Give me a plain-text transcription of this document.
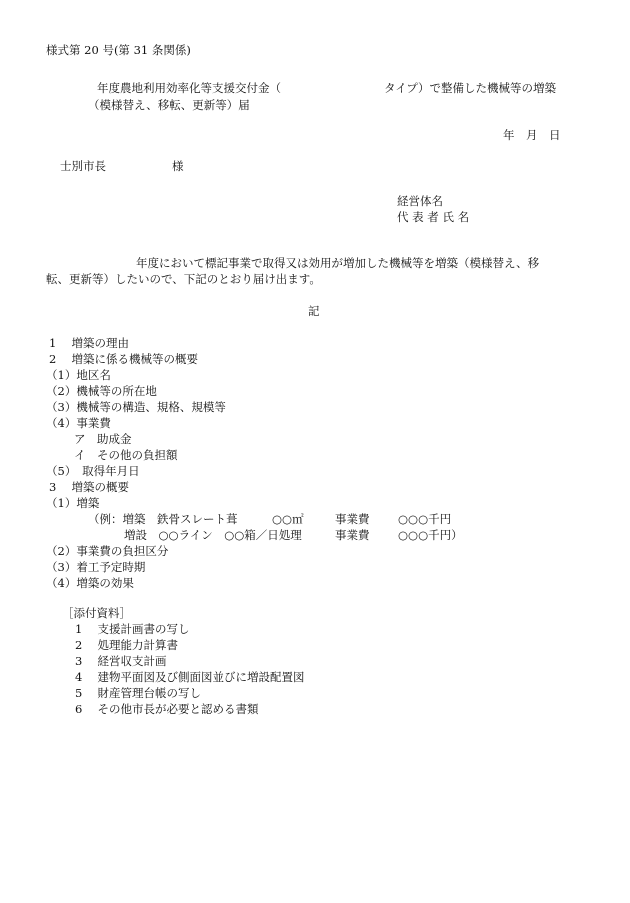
様式第 20 号(第 31 条関係)

年度農地利用効率化等支援交付金（	タイプ）で整備した機械等の増築

（模様替え、移転、更新等）届

年　月　日

士別市長	様

経営体名

代 表 者 氏 名

年度において標記事業で取得又は効用が増加した機械等を増築（模様替え、移

転、更新等）したいので、下記のとおり届け出ます。

記

1　 増築の理由

2　 増築に係る機械等の概要

（1）地区名

（2）機械等の所在地

（3）機械等の構造、規格、規模等

（4）事業費

ア　助成金

イ　その他の負担額

（5）　取得年月日

3　 増築の概要

（1）増築

（例：増築　鉄骨スレート葺	○○㎡	事業費 ○○○千円

増設　○○ライン　○○箱／日処理	事業費 ○○○千円）

（2）事業費の負担区分

（3）着工予定時期

（4）増築の効果

［添付資料］

1　 支援計画書の写し

2　 処理能力計算書

3　 経営収支計画

4　 建物平面図及び側面図並びに増設配置図

5　 財産管理台帳の写し

6　 その他市長が必要と認める書類
